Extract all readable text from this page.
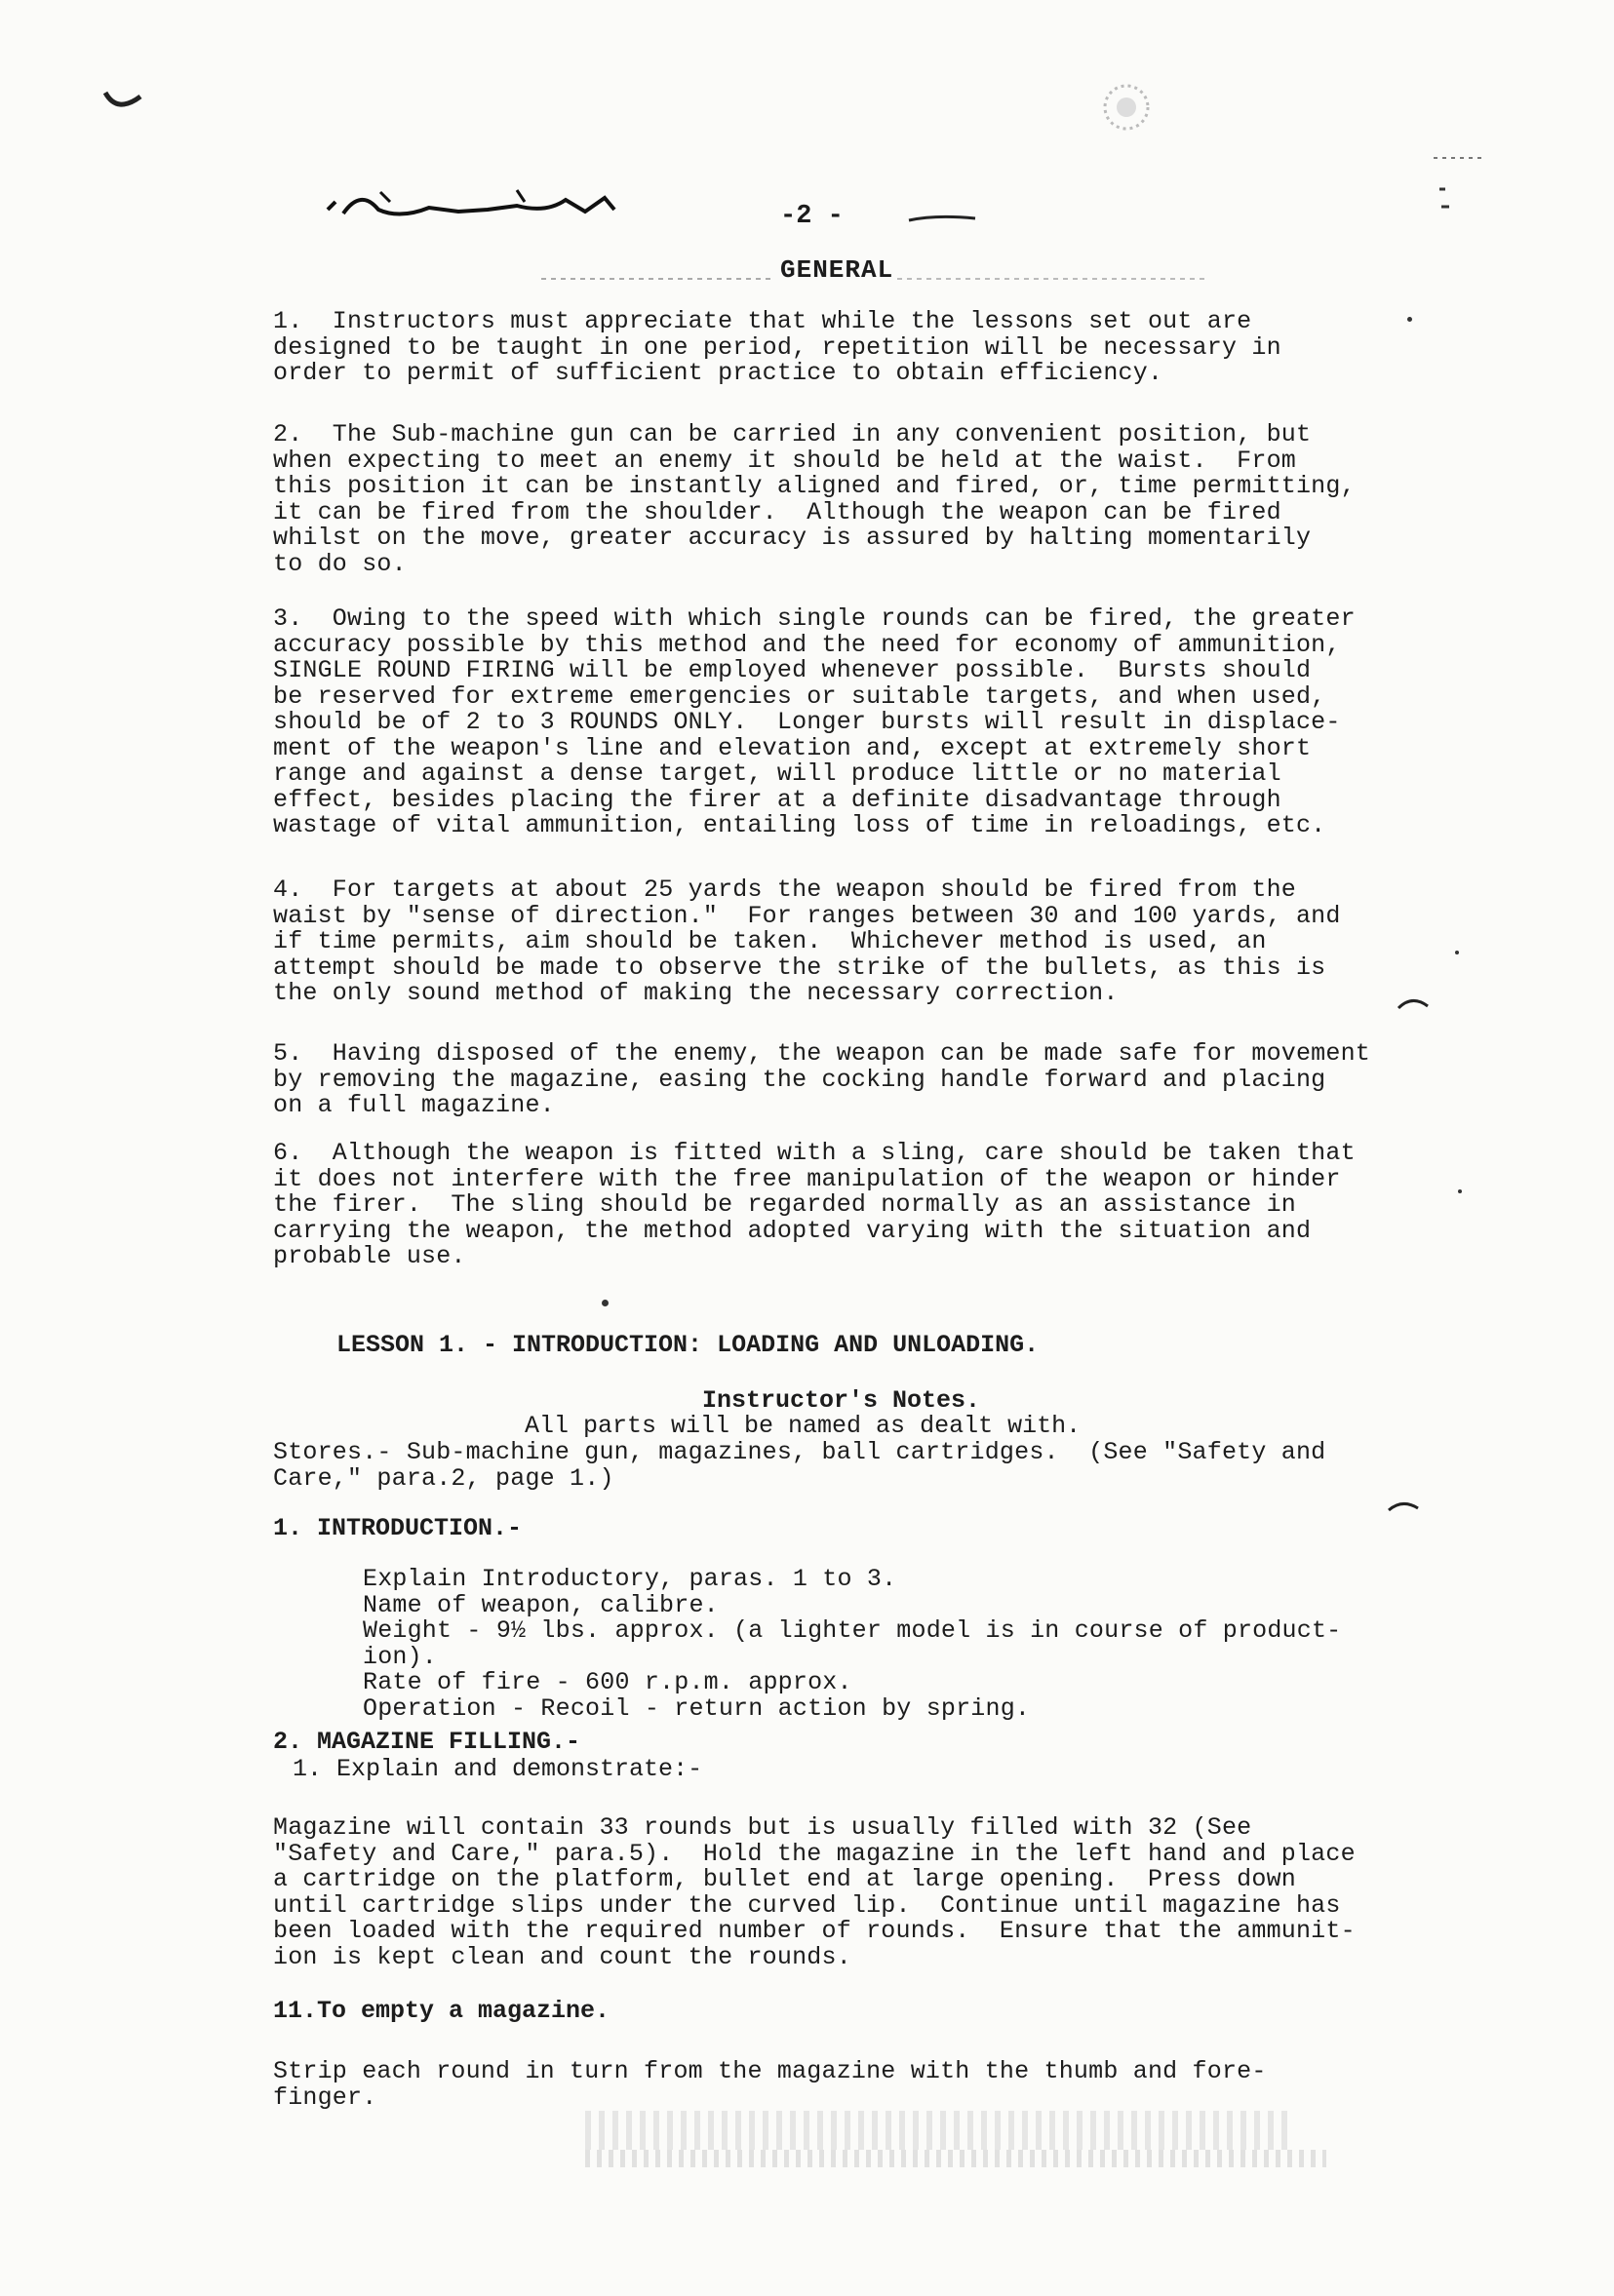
-2 -
GENERAL
1.  Instructors must appreciate that while the lessons set out are
designed to be taught in one period, repetition will be necessary in
order to permit of sufficient practice to obtain efficiency.
2.  The Sub-machine gun can be carried in any convenient position, but
when expecting to meet an enemy it should be held at the waist.  From
this position it can be instantly aligned and fired, or, time permitting,
it can be fired from the shoulder.  Although the weapon can be fired
whilst on the move, greater accuracy is assured by halting momentarily
to do so.
3.  Owing to the speed with which single rounds can be fired, the greater
accuracy possible by this method and the need for economy of ammunition,
SINGLE ROUND FIRING will be employed whenever possible.  Bursts should
be reserved for extreme emergencies or suitable targets, and when used,
should be of 2 to 3 ROUNDS ONLY.  Longer bursts will result in displace-
ment of the weapon's line and elevation and, except at extremely short
range and against a dense target, will produce little or no material
effect, besides placing the firer at a definite disadvantage through
wastage of vital ammunition, entailing loss of time in reloadings, etc.
4.  For targets at about 25 yards the weapon should be fired from the
waist by "sense of direction."  For ranges between 30 and 100 yards, and
if time permits, aim should be taken.  Whichever method is used, an
attempt should be made to observe the strike of the bullets, as this is
the only sound method of making the necessary correction.
5.  Having disposed of the enemy, the weapon can be made safe for movement
by removing the magazine, easing the cocking handle forward and placing
on a full magazine.
6.  Although the weapon is fitted with a sling, care should be taken that
it does not interfere with the free manipulation of the weapon or hinder
the firer.  The sling should be regarded normally as an assistance in
carrying the weapon, the method adopted varying with the situation and
probable use.
LESSON 1. - INTRODUCTION: LOADING AND UNLOADING.
Instructor's Notes.
All parts will be named as dealt with.
Stores.- Sub-machine gun, magazines, ball cartridges.  (See "Safety and
Care," para.2, page 1.)
1. INTRODUCTION.-
Explain Introductory, paras. 1 to 3.
Name of weapon, calibre.
Weight - 9½ lbs. approx. (a lighter model is in course of product-
ion).
Rate of fire - 600 r.p.m. approx.
Operation - Recoil - return action by spring.
2. MAGAZINE FILLING.-
1. Explain and demonstrate:-
Magazine will contain 33 rounds but is usually filled with 32 (See
"Safety and Care," para.5).  Hold the magazine in the left hand and place
a cartridge on the platform, bullet end at large opening.  Press down
until cartridge slips under the curved lip.  Continue until magazine has
been loaded with the required number of rounds.  Ensure that the ammunit-
ion is kept clean and count the rounds.
11.To empty a magazine.
Strip each round in turn from the magazine with the thumb and fore-
finger.
